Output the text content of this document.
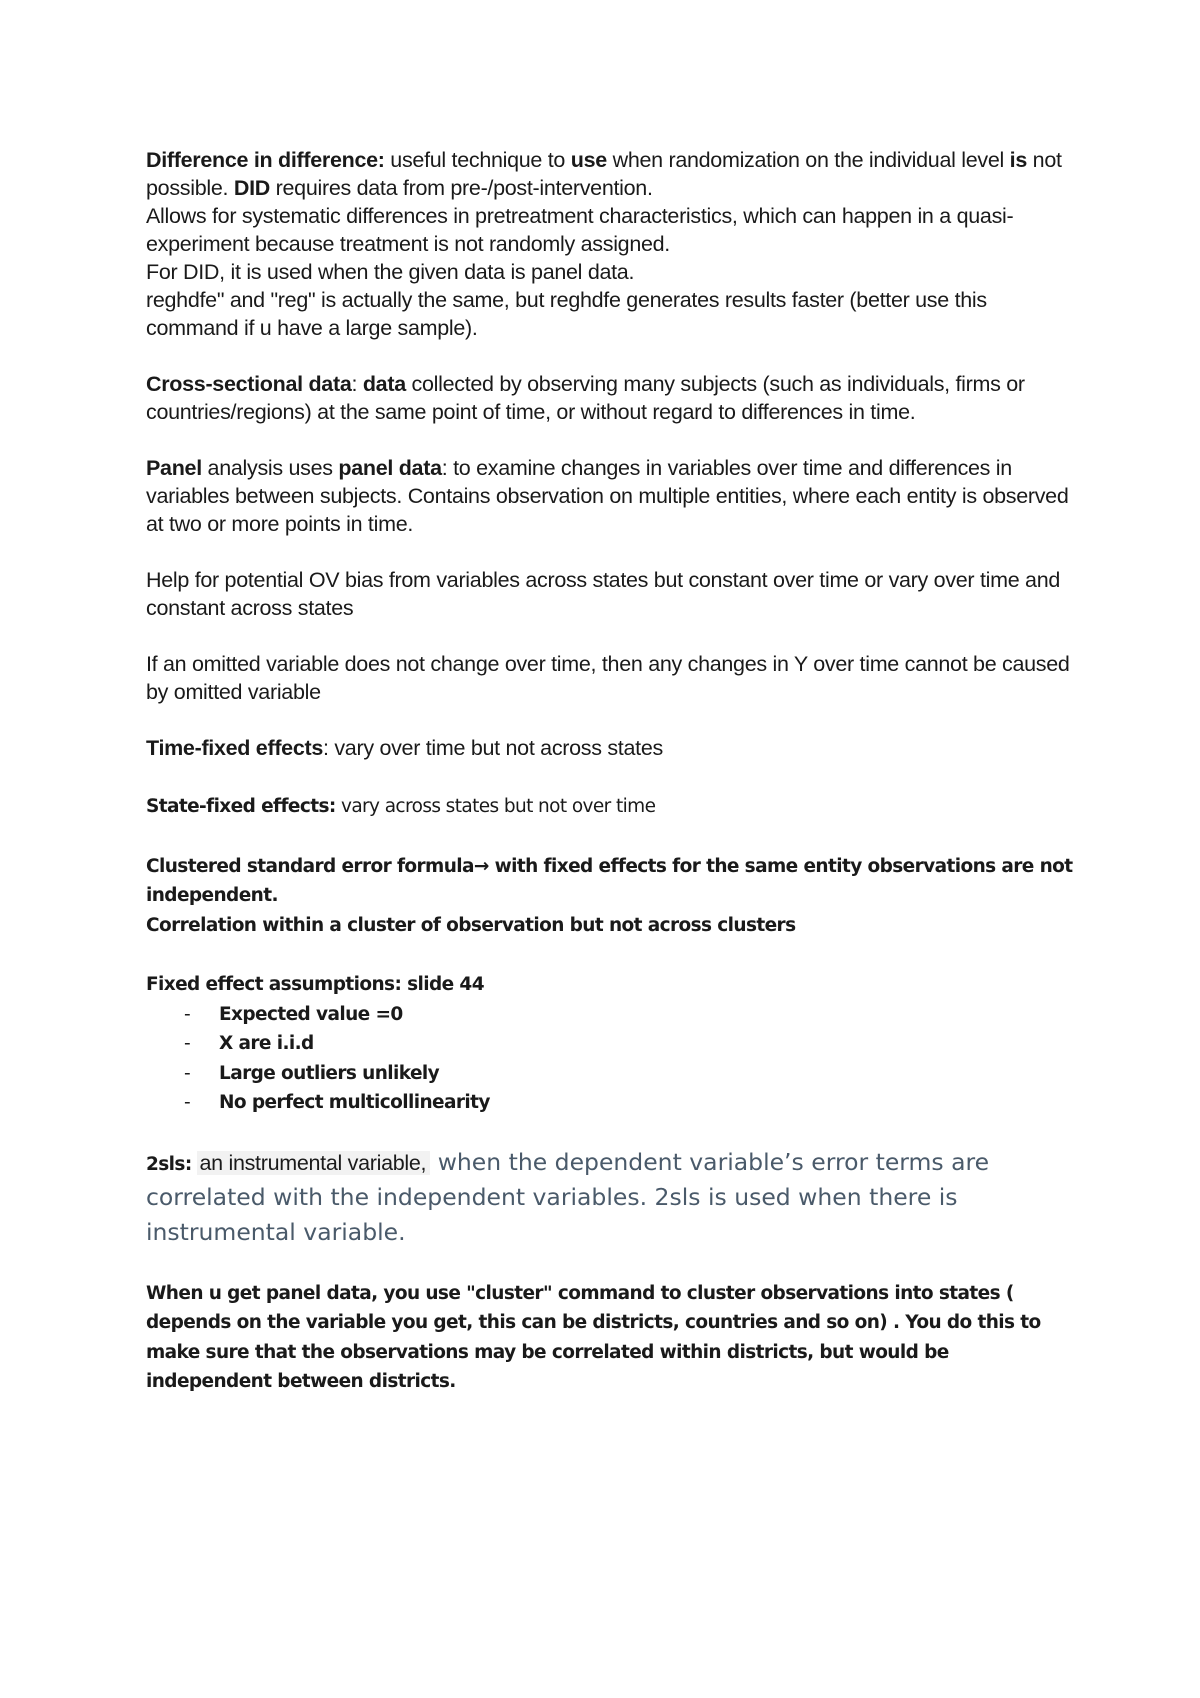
Difference in difference: useful technique to use when randomization on the individual level is not possible. DID requires data from pre-/post-intervention.

Allows for systematic differences in pretreatment characteristics, which can happen in a quasi-experiment because treatment is not randomly assigned.

For DID, it is used when the given data is panel data.

reghdfe" and "reg" is actually the same, but reghdfe generates results faster (better use this command if u have a large sample).

Cross-sectional data: data collected by observing many subjects (such as individuals, firms or countries/regions) at the same point of time, or without regard to differences in time.

Panel analysis uses panel data: to examine changes in variables over time and differences in variables between subjects. Contains observation on multiple entities, where each entity is observed at two or more points in time.

Help for potential OV bias from variables across states but constant over time or vary over time and constant across states

If an omitted variable does not change over time, then any changes in Y over time cannot be caused by omitted variable

Time-fixed effects: vary over time but not across states

State-fixed effects: vary across states but not over time

Clustered standard error formula→ with fixed effects for the same entity observations are not independent.

Correlation within a cluster of observation but not across clusters

Fixed effect assumptions: slide 44

- Expected value =0
- X are i.i.d
- Large outliers unlikely
- No perfect multicollinearity

2sls: an instrumental variable, when the dependent variable’s error terms are correlated with the independent variables. 2sls is used when there is instrumental variable.

When u get panel data, you use "cluster" command to cluster observations into states ( depends on the variable you get, this can be districts, countries and so on) . You do this to make sure that the observations may be correlated within districts, but would be independent between districts.
